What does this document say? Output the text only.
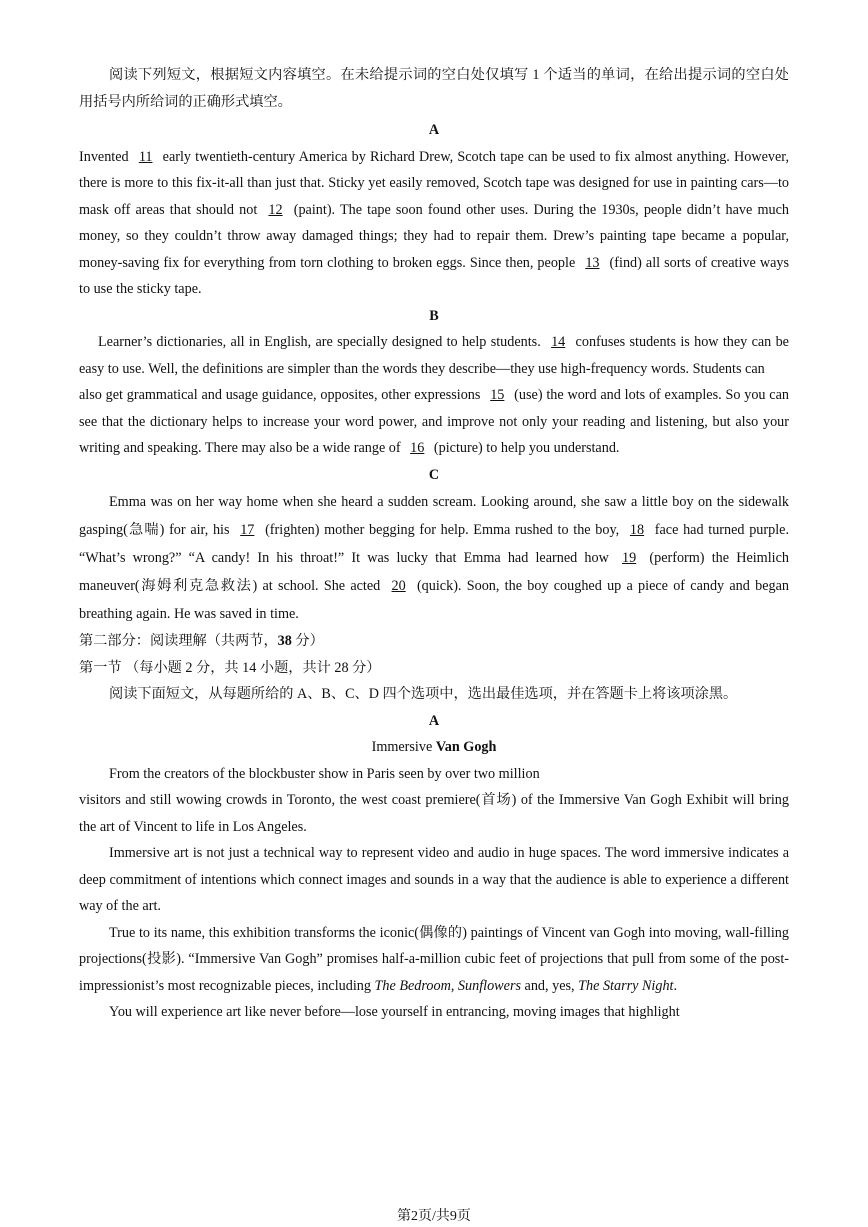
阅读下列短文，根据短文内容填空。在未给提示词的空白处仅填写 1 个适当的单词，在给出提示词的空白处用括号内所给词的正确形式填空。

A

Invented 11 early twentieth-century America by Richard Drew, Scotch tape can be used to fix almost anything. However, there is more to this fix-it-all than just that. Sticky yet easily removed, Scotch tape was designed for use in painting cars—to mask off areas that should not 12 (paint). The tape soon found other uses. During the 1930s, people didn’t have much money, so they couldn’t throw away damaged things; they had to repair them. Drew’s painting tape became a popular, money-saving fix for everything from torn clothing to broken eggs. Since then, people 13 (find) all sorts of creative ways to use the sticky tape.

B

Learner’s dictionaries, all in English, are specially designed to help students. 14 confuses students is how they can be easy to use. Well, the definitions are simpler than the words they describe—they use high-frequency words. Students can

also get grammatical and usage guidance, opposites, other expressions 15 (use) the word and lots of examples. So you can see that the dictionary helps to increase your word power, and improve not only your reading and listening, but also your writing and speaking. There may also be a wide range of 16 (picture) to help you understand.

C

Emma was on her way home when she heard a sudden scream. Looking around, she saw a little boy on the sidewalk gasping(急喘) for air, his 17 (frighten) mother begging for help. Emma rushed to the boy, 18 face had turned purple. “What’s wrong?” “A candy! In his throat!” It was lucky that Emma had learned how 19 (perform) the Heimlich maneuver(海姆利克急救法) at school. She acted 20 (quick). Soon, the boy coughed up a piece of candy and began breathing again. He was saved in time.

第二部分：阅读理解（共两节，38 分）

第一节 （每小题 2 分，共 14 小题，共计 28 分）

阅读下面短文，从每题所给的 A、B、C、D 四个选项中，选出最佳选项，并在答题卡上将该项涂黑。

A

Immersive Van Gogh

From the creators of the blockbuster show in Paris seen by over two million

visitors and still wowing crowds in Toronto, the west coast premiere(首场) of the Immersive Van Gogh Exhibit will bring the art of Vincent to life in Los Angeles.

Immersive art is not just a technical way to represent video and audio in huge spaces. The word immersive indicates a deep commitment of intentions which connect images and sounds in a way that the audience is able to experience a different way of the art.

True to its name, this exhibition transforms the iconic(偶像的) paintings of Vincent van Gogh into moving, wall-filling projections(投影). “Immersive Van Gogh” promises half-a-million cubic feet of projections that pull from some of the post-impressionist’s most recognizable pieces, including The Bedroom, Sunflowers and, yes, The Starry Night.

You will experience art like never before—lose yourself in entrancing, moving images that highlight

第2页/共9页
